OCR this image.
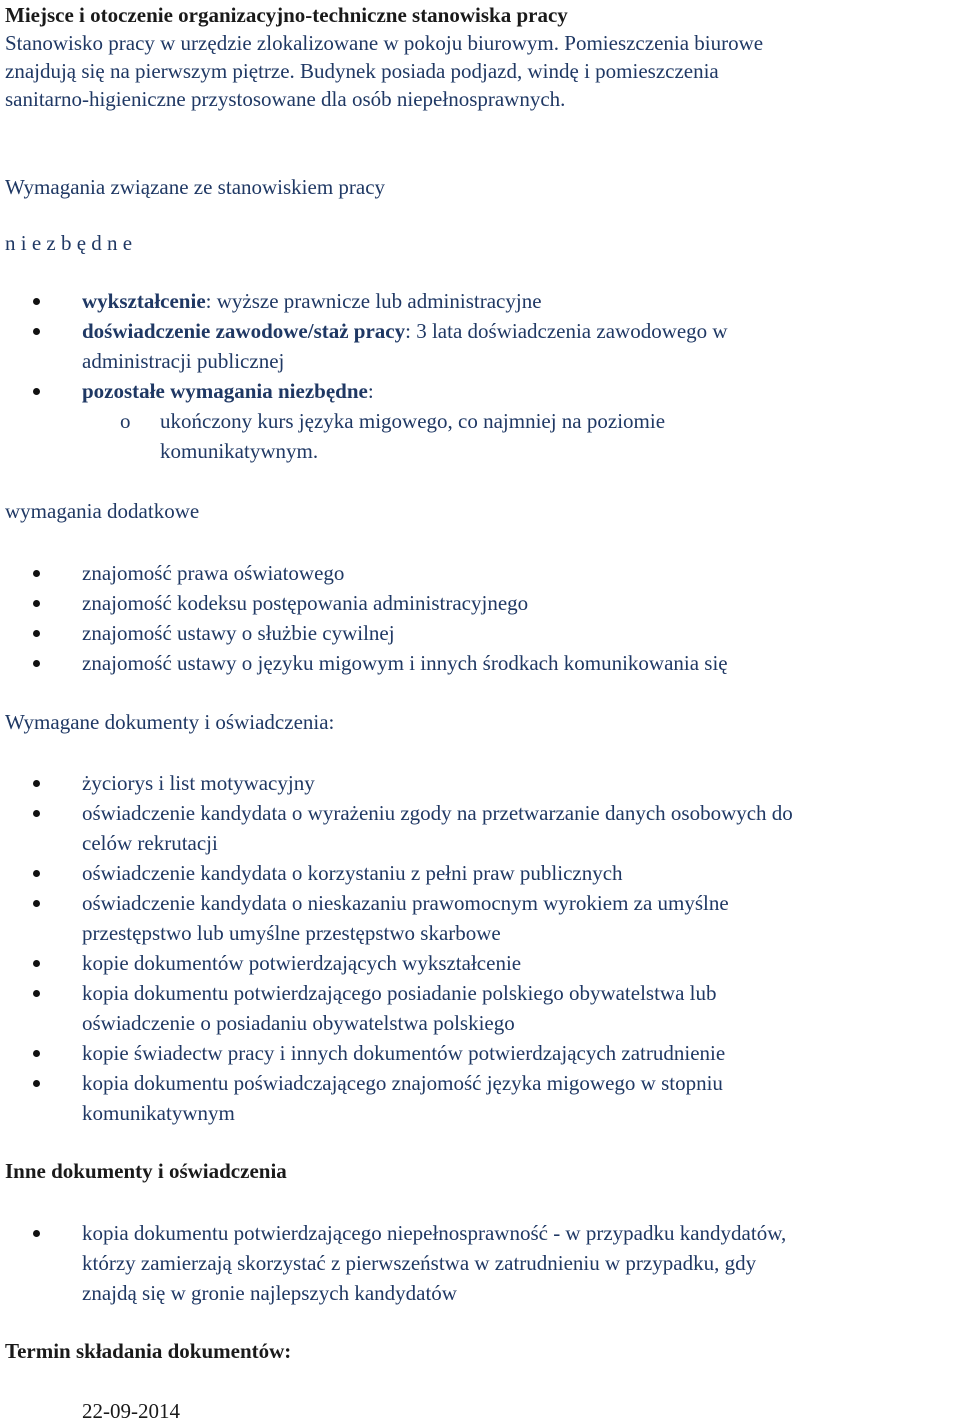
Miejsce i otoczenie organizacyjno-techniczne stanowiska pracy
Stanowisko pracy w urzędzie zlokalizowane w pokoju biurowym. Pomieszczenia biurowe
znajdują się na pierwszym piętrze. Budynek posiada podjazd, windę i pomieszczenia
sanitarno-higieniczne przystosowane dla osób niepełnosprawnych.
Wymagania związane ze stanowiskiem pracy
n i e z b ę d n e
wykształcenie: wyższe prawnicze lub administracyjne
doświadczenie zawodowe/staż pracy: 3 lata doświadczenia zawodowego w
administracji publicznej
pozostałe wymagania niezbędne:
o ukończony kurs języka migowego, co najmniej na poziomie
komunikatywnym.
wymagania dodatkowe
znajomość prawa oświatowego
znajomość kodeksu postępowania administracyjnego
znajomość ustawy o służbie cywilnej
znajomość ustawy o języku migowym i innych środkach komunikowania się
Wymagane dokumenty i oświadczenia:
życiorys i list motywacyjny
oświadczenie kandydata o wyrażeniu zgody na przetwarzanie danych osobowych do
celów rekrutacji
oświadczenie kandydata o korzystaniu z pełni praw publicznych
oświadczenie kandydata o nieskazaniu prawomocnym wyrokiem za umyślne
przestępstwo lub umyślne przestępstwo skarbowe
kopie dokumentów potwierdzających wykształcenie
kopia dokumentu potwierdzającego posiadanie polskiego obywatelstwa lub
oświadczenie o posiadaniu obywatelstwa polskiego
kopie świadectw pracy i innych dokumentów potwierdzających zatrudnienie
kopia dokumentu poświadczającego znajomość języka migowego w stopniu
komunikatywnym
Inne dokumenty i oświadczenia
kopia dokumentu potwierdzającego niepełnosprawność - w przypadku kandydatów,
którzy zamierzają skorzystać z pierwszeństwa w zatrudnieniu w przypadku, gdy
znajdą się w gronie najlepszych kandydatów
Termin składania dokumentów:
22-09-2014
